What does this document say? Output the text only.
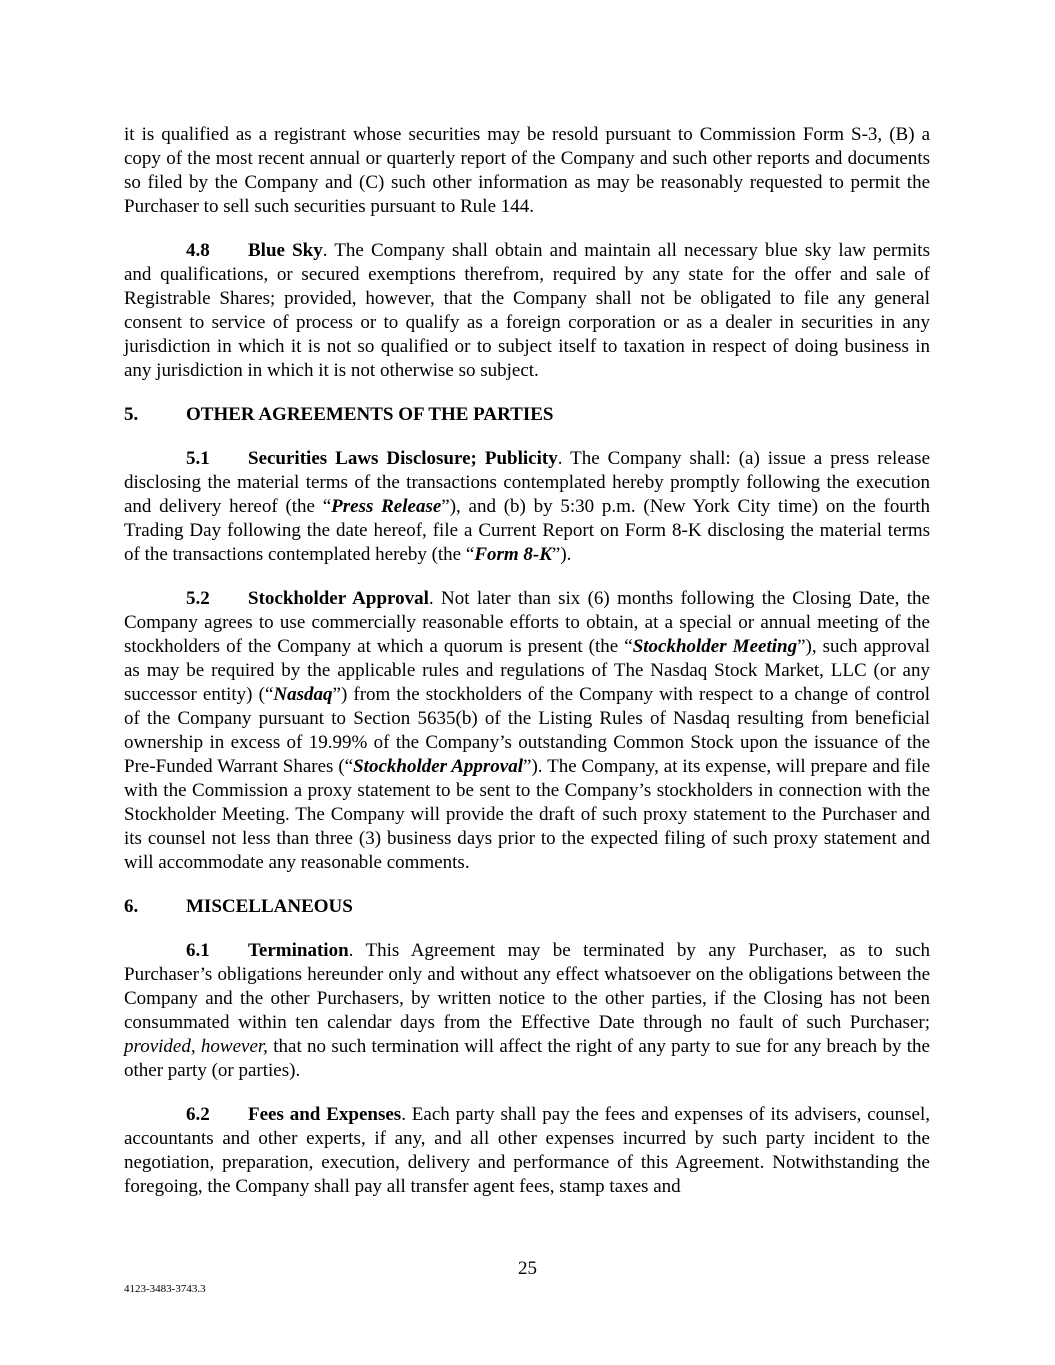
it is qualified as a registrant whose securities may be resold pursuant to Commission Form S-3, (B) a copy of the most recent annual or quarterly report of the Company and such other reports and documents so filed by the Company and (C) such other information as may be reasonably requested to permit the Purchaser to sell such securities pursuant to Rule 144.

4.8 Blue Sky. The Company shall obtain and maintain all necessary blue sky law permits and qualifications, or secured exemptions therefrom, required by any state for the offer and sale of Registrable Shares; provided, however, that the Company shall not be obligated to file any general consent to service of process or to qualify as a foreign corporation or as a dealer in securities in any jurisdiction in which it is not so qualified or to subject itself to taxation in respect of doing business in any jurisdiction in which it is not otherwise so subject.

5.	OTHER AGREEMENTS OF THE PARTIES

5.1 Securities Laws Disclosure; Publicity. The Company shall: (a) issue a press release disclosing the material terms of the transactions contemplated hereby promptly following the execution and delivery hereof (the “Press Release”), and (b) by 5:30 p.m. (New York City time) on the fourth Trading Day following the date hereof, file a Current Report on Form 8-K disclosing the material terms of the transactions contemplated hereby (the “Form 8-K”).

5.2 Stockholder Approval. Not later than six (6) months following the Closing Date, the Company agrees to use commercially reasonable efforts to obtain, at a special or annual meeting of the stockholders of the Company at which a quorum is present (the “Stockholder Meeting”), such approval as may be required by the applicable rules and regulations of The Nasdaq Stock Market, LLC (or any successor entity) (“Nasdaq”) from the stockholders of the Company with respect to a change of control of the Company pursuant to Section 5635(b) of the Listing Rules of Nasdaq resulting from beneficial ownership in excess of 19.99% of the Company’s outstanding Common Stock upon the issuance of the Pre-Funded Warrant Shares (“Stockholder Approval”). The Company, at its expense, will prepare and file with the Commission a proxy statement to be sent to the Company’s stockholders in connection with the Stockholder Meeting. The Company will provide the draft of such proxy statement to the Purchaser and its counsel not less than three (3) business days prior to the expected filing of such proxy statement and will accommodate any reasonable comments.

6.	MISCELLANEOUS

6.1 Termination. This Agreement may be terminated by any Purchaser, as to such Purchaser’s obligations hereunder only and without any effect whatsoever on the obligations between the Company and the other Purchasers, by written notice to the other parties, if the Closing has not been consummated within ten calendar days from the Effective Date through no fault of such Purchaser; provided, however, that no such termination will affect the right of any party to sue for any breach by the other party (or parties).

6.2 Fees and Expenses. Each party shall pay the fees and expenses of its advisers, counsel, accountants and other experts, if any, and all other expenses incurred by such party incident to the negotiation, preparation, execution, delivery and performance of this Agreement. Notwithstanding the foregoing, the Company shall pay all transfer agent fees, stamp taxes and

25
4123-3483-3743.3
